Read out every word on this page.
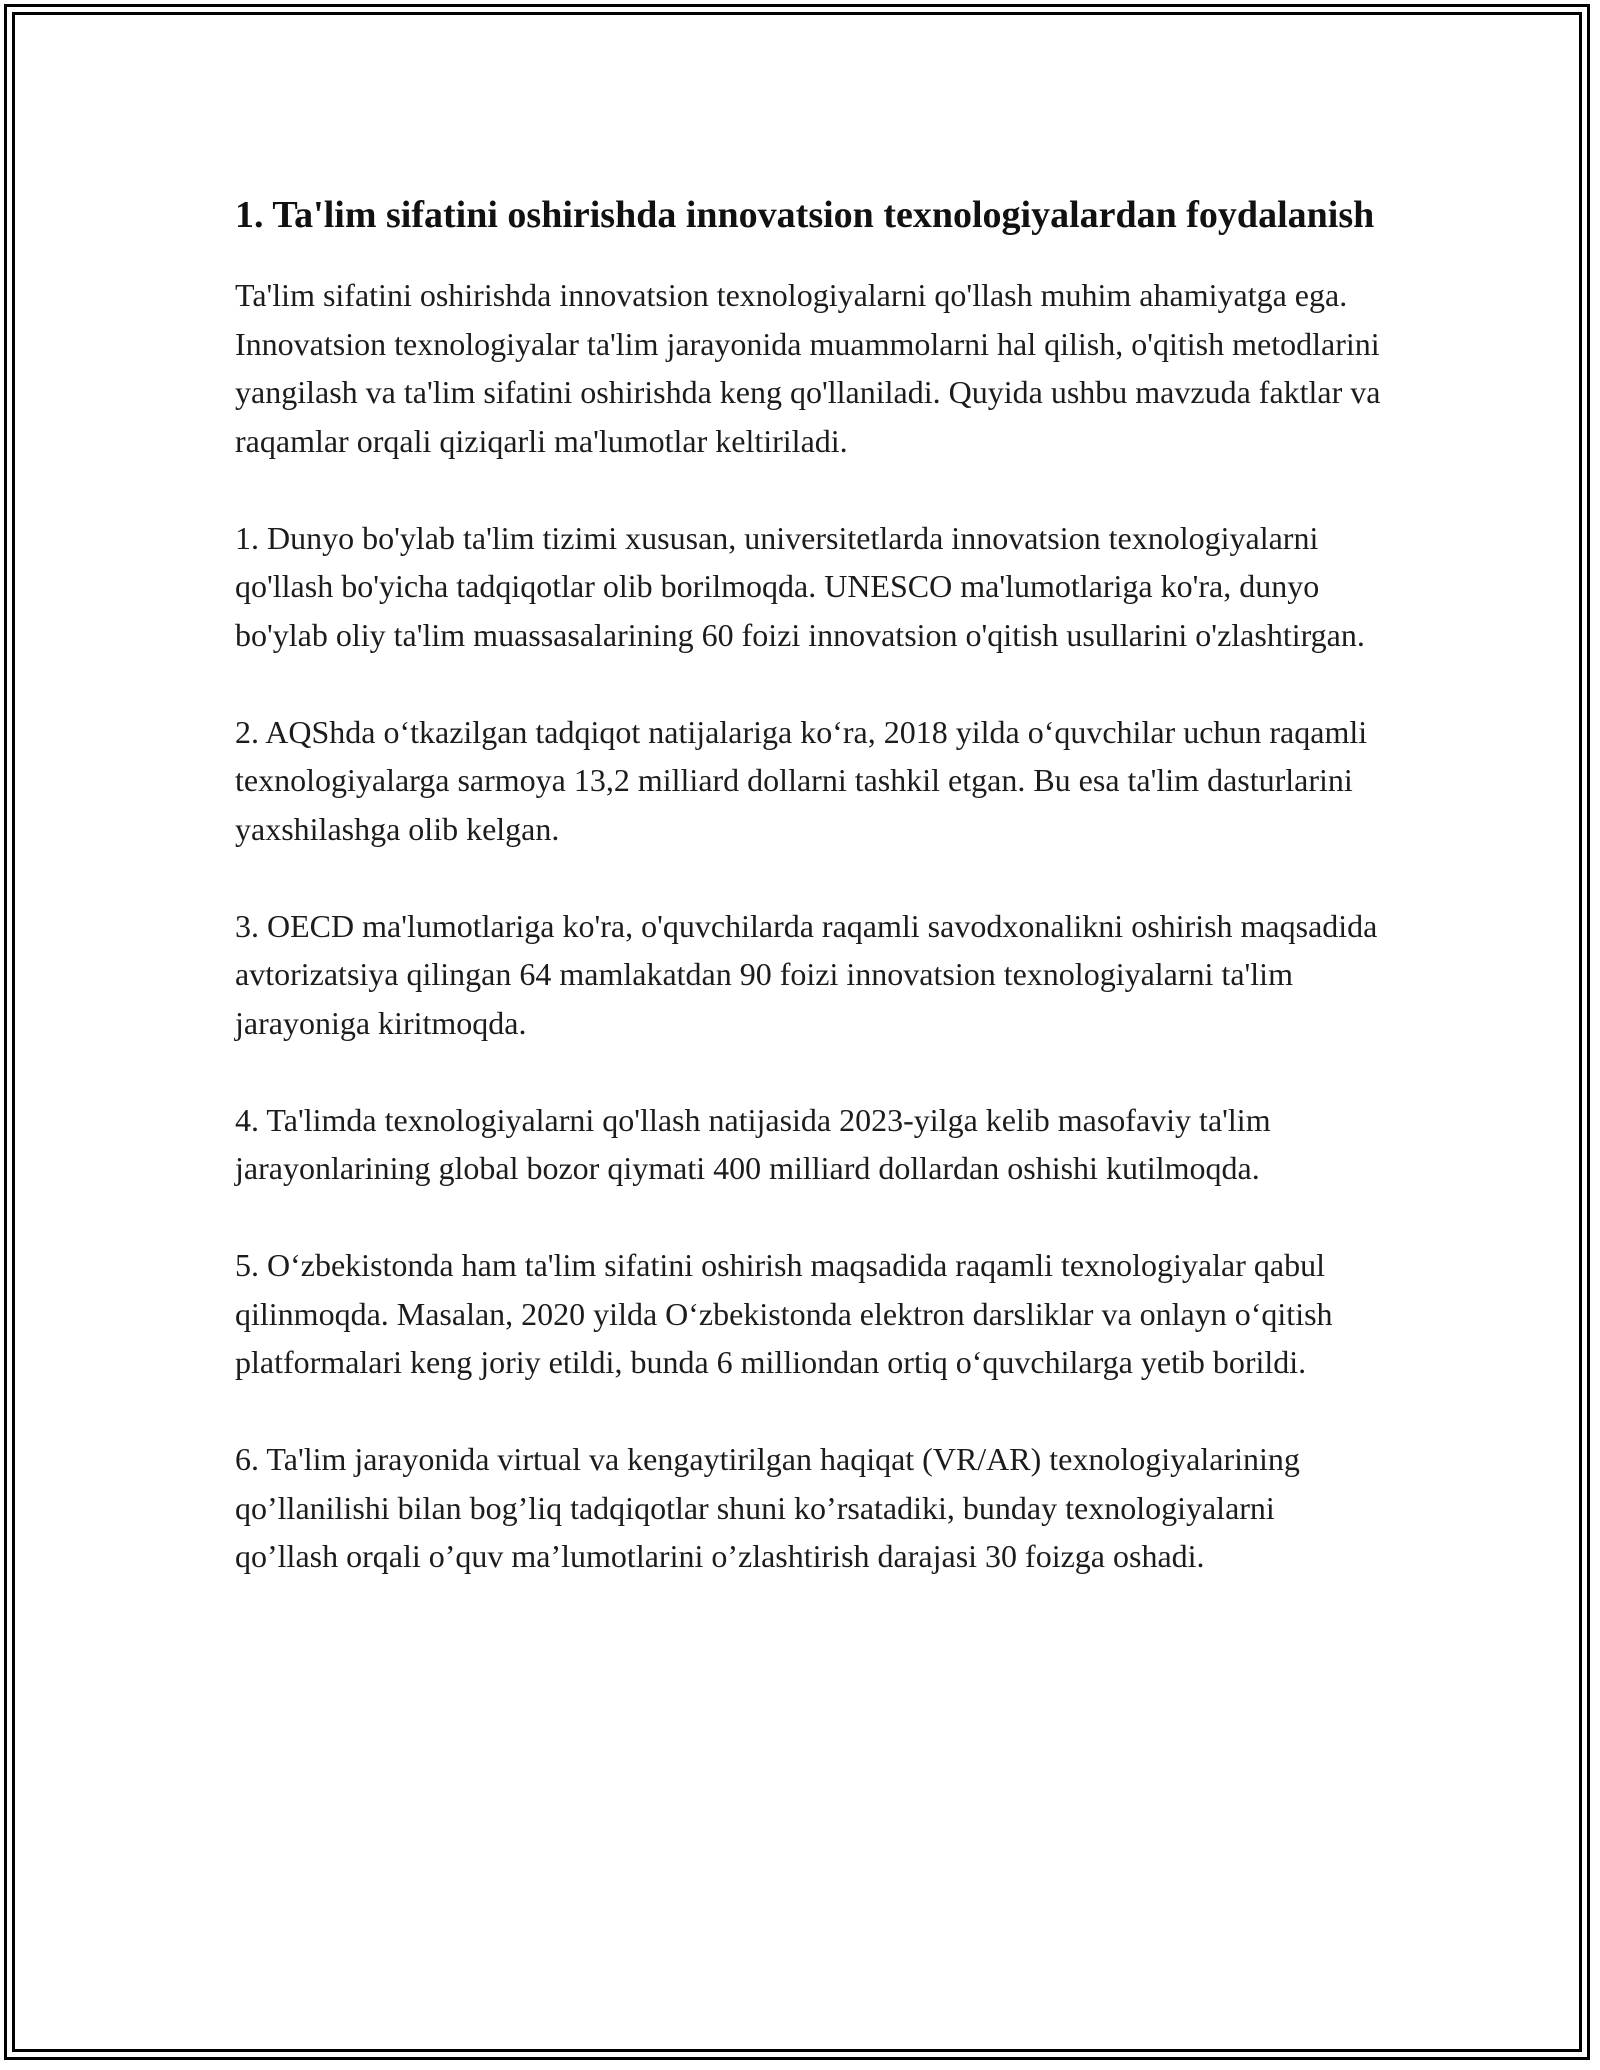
1. Ta'lim sifatini oshirishda innovatsion texnologiyalardan foydalanish

Ta'lim sifatini oshirishda innovatsion texnologiyalarni qo'llash muhim ahamiyatga ega. Innovatsion texnologiyalar ta'lim jarayonida muammolarni hal qilish, o'qitish metodlarini yangilash va ta'lim sifatini oshirishda keng qo'llaniladi. Quyida ushbu mavzuda faktlar va raqamlar orqali qiziqarli ma'lumotlar keltiriladi.

1. Dunyo bo'ylab ta'lim tizimi xususan, universitetlarda innovatsion texnologiyalarni qo'llash bo'yicha tadqiqotlar olib borilmoqda. UNESCO ma'lumotlariga ko'ra, dunyo bo'ylab oliy ta'lim muassasalarining 60 foizi innovatsion o'qitish usullarini o'zlashtirgan.

2. AQShda oʻtkazilgan tadqiqot natijalariga koʻra, 2018 yilda oʻquvchilar uchun raqamli texnologiyalarga sarmoya 13,2 milliard dollarni tashkil etgan. Bu esa ta'lim dasturlarini yaxshilashga olib kelgan.

3. OECD ma'lumotlariga ko'ra, o'quvchilarda raqamli savodxonalikni oshirish maqsadida avtorizatsiya qilingan 64 mamlakatdan 90 foizi innovatsion texnologiyalarni ta'lim jarayoniga kiritmoqda.

4. Ta'limda texnologiyalarni qo'llash natijasida 2023-yilga kelib masofaviy ta'lim jarayonlarining global bozor qiymati 400 milliard dollardan oshishi kutilmoqda.

5. Oʻzbekistonda ham ta'lim sifatini oshirish maqsadida raqamli texnologiyalar qabul qilinmoqda. Masalan, 2020 yilda Oʻzbekistonda elektron darsliklar va onlayn oʻqitish platformalari keng joriy etildi, bunda 6 milliondan ortiq oʻquvchilarga yetib borildi.

6. Ta'lim jarayonida virtual va kengaytirilgan haqiqat (VR/AR) texnologiyalarining qo’llanilishi bilan bog’liq tadqiqotlar shuni ko’rsatadiki, bunday texnologiyalarni qo’llash orqali o’quv ma’lumotlarini o’zlashtirish darajasi 30 foizga oshadi.
